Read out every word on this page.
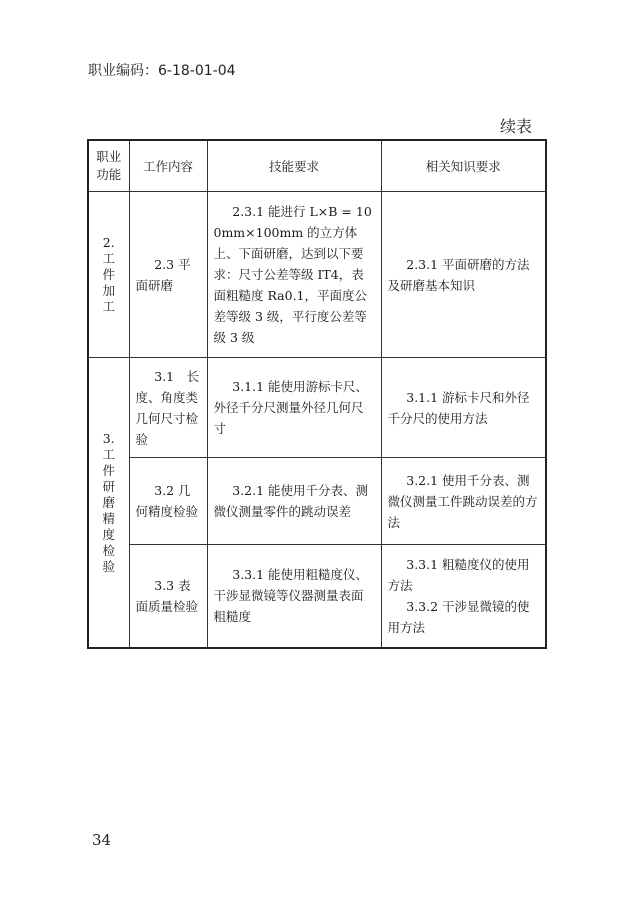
职业编码：6-18-01-04
续表
职业
功能	工作内容	技能要求	相关知识要求

2.
工件加工	2.3 平面研磨	2.3.1 能进行 L×B = 100mm×100mm 的立方体上、下面研磨，达到以下要求：尺寸公差等级 IT4，表面粗糙度 Ra0.1，平面度公差等级 3 级，平行度公差等级 3 级	2.3.1 平面研磨的方法及研磨基本知识

3.
工件研磨精度检验	3.1　长度、角度类几何尺寸检验	3.1.1 能使用游标卡尺、外径千分尺测量外径几何尺寸	3.1.1 游标卡尺和外径千分尺的使用方法

	3.2 几何精度检验	3.2.1 能使用千分表、测微仪测量零件的跳动误差	3.2.1 使用千分表、测微仪测量工件跳动误差的方法

	3.3 表面质量检验	3.3.1 能使用粗糙度仪、干涉显微镜等仪器测量表面粗糙度	3.3.1 粗糙度仪的使用方法
3.3.2 干涉显微镜的使用方法
34
